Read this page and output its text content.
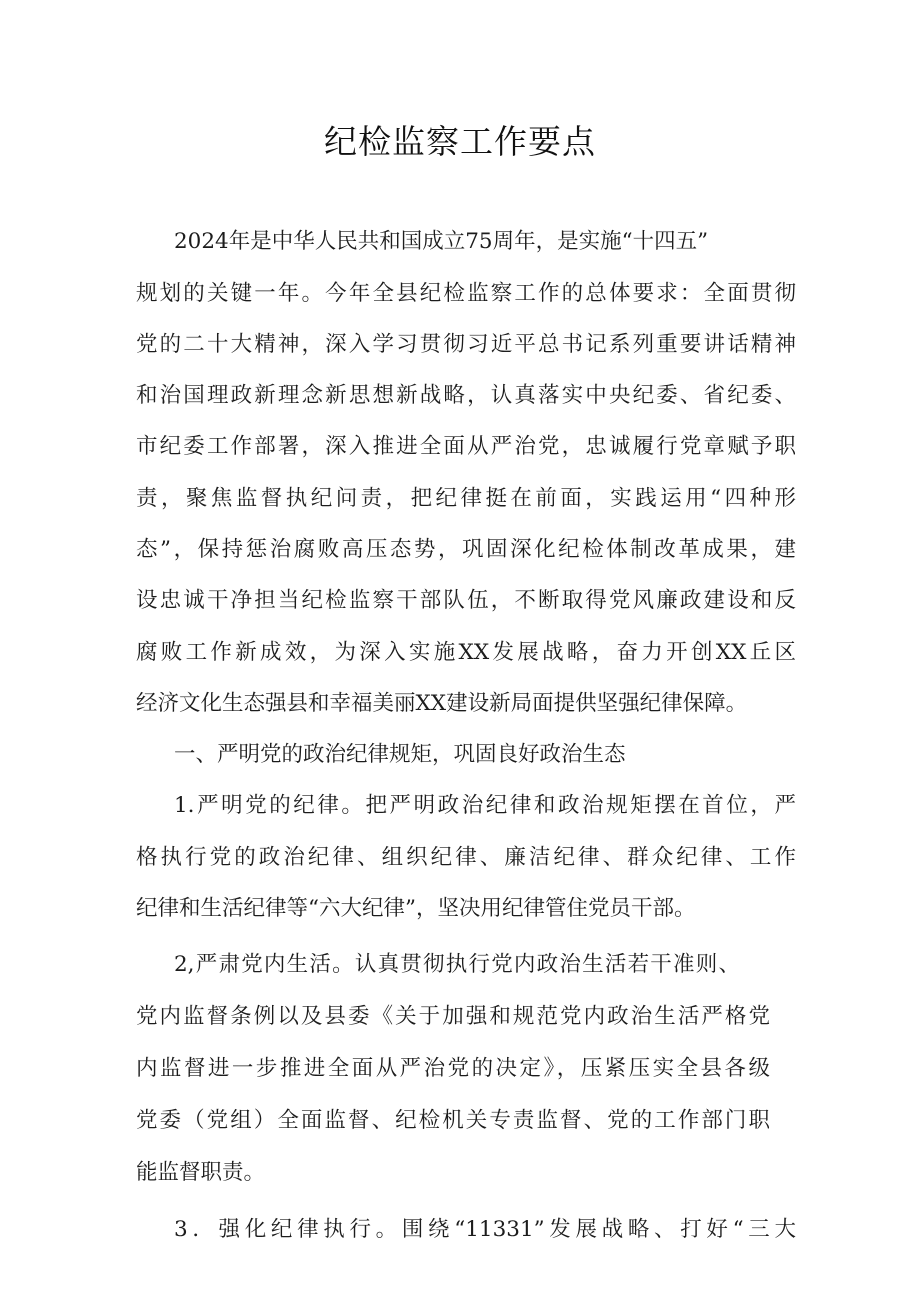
纪检监察工作要点
2024年是中华人民共和国成立75周年，是实施“十四五”
规划的关键一年。今年全县纪检监察工作的总体要求：全面贯彻
党的二十大精神，深入学习贯彻习近平总书记系列重要讲话精神
和治国理政新理念新思想新战略，认真落实中央纪委、省纪委、
市纪委工作部署，深入推进全面从严治党，忠诚履行党章赋予职
责，聚焦监督执纪问责，把纪律挺在前面，实践运用“四种形
态”，保持惩治腐败高压态势，巩固深化纪检体制改革成果，建
设忠诚干净担当纪检监察干部队伍，不断取得党风廉政建设和反
腐败工作新成效，为深入实施XX发展战略，奋力开创XX丘区
经济文化生态强县和幸福美丽XX建设新局面提供坚强纪律保障。
一、严明党的政治纪律规矩，巩固良好政治生态
1.严明党的纪律。把严明政治纪律和政治规矩摆在首位，严
格执行党的政治纪律、组织纪律、廉洁纪律、群众纪律、工作
纪律和生活纪律等“六大纪律”，坚决用纪律管住党员干部。
2,严肃党内生活。认真贯彻执行党内政治生活若干准则、
党内监督条例以及县委《关于加强和规范党内政治生活严格党
内监督进一步推进全面从严治党的决定》，压紧压实全县各级
党委（党组）全面监督、纪检机关专责监督、党的工作部门职
能监督职责。
3．强化纪律执行。围绕“11331”发展战略、打好“三大
